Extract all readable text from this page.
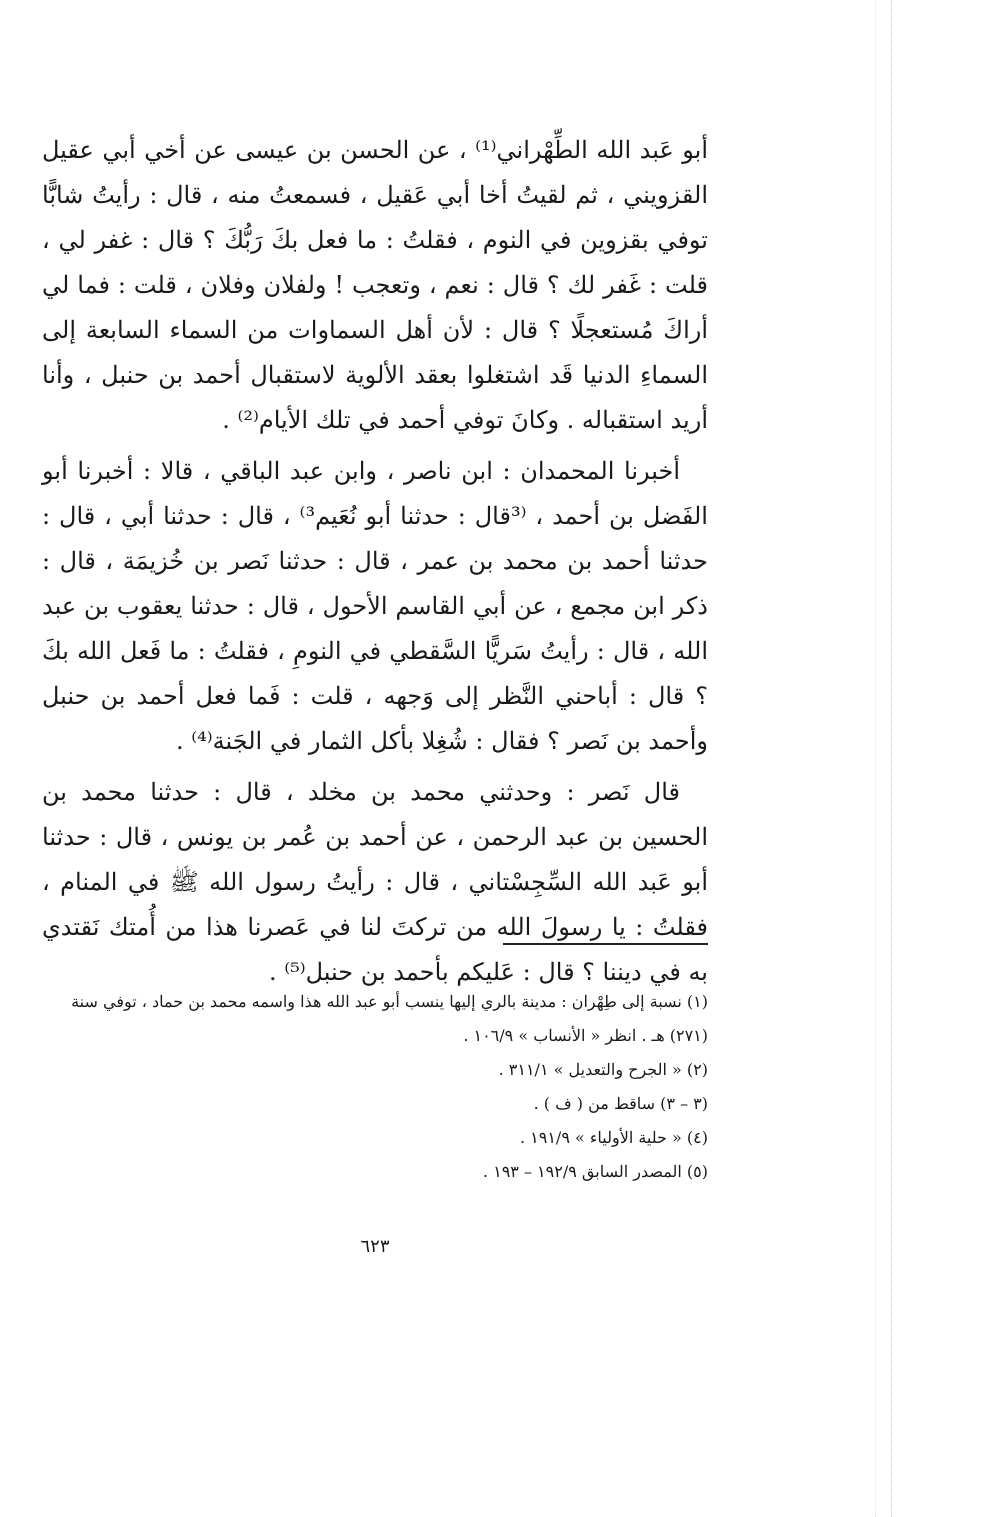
أبو عَبد الله الطِّهْراني⁽¹⁾ ، عن الحسن بن عيسى عن أخي أبي عقيل القزويني ، ثم لقيتُ أخا أبي عَقيل ، فسمعتُ منه ، قال : رأيتُ شابًّا توفي بقزوين في النوم ، فقلتُ : ما فعل بكَ رَبُّكَ ؟ قال : غفر لي ، قلت : غَفر لك ؟ قال : نعم ، وتعجب ! ولفلان وفلان ، قلت : فما لي أراكَ مُستعجلًا ؟ قال : لأن أهل السماوات من السماء السابعة إلى السماءِ الدنيا قَد اشتغلوا بعقد الألوية لاستقبال أحمد بن حنبل ، وأنا أريد استقباله . وكانَ توفي أحمد في تلك الأيام⁽²⁾ .

أخبرنا المحمدان : ابن ناصر ، وابن عبد الباقي ، قالا : أخبرنا أبو الفَضل بن أحمد ، ⁽³قال : حدثنا أبو نُعَيم³⁾ ، قال : حدثنا أبي ، قال : حدثنا أحمد بن محمد بن عمر ، قال : حدثنا نَصر بن خُزيمَة ، قال : ذكر ابن مجمع ، عن أبي القاسم الأحول ، قال : حدثنا يعقوب بن عبد الله ، قال : رأيتُ سَريًّا السَّقطي في النومِ ، فقلتُ : ما فَعل الله بكَ ؟ قال : أباحني النَّظر إلى وَجهه ، قلت : فَما فعل أحمد بن حنبل وأحمد بن نَصر ؟ فقال : شُغِلا بأكل الثمار في الجَنة⁽⁴⁾ .

قال نَصر : وحدثني محمد بن مخلد ، قال : حدثنا محمد بن الحسين بن عبد الرحمن ، عن أحمد بن عُمر بن يونس ، قال : حدثنا أبو عَبد الله السِّجِسْتاني ، قال : رأيتُ رسول الله ﷺ في المنام ، فقلتُ : يا رسولَ الله من تركتَ لنا في عَصرنا هذا من أُمتك نَقتدي به في ديننا ؟ قال : عَليكم بأحمد بن حنبل⁽⁵⁾ .

(١) نسبة إلى طِهْران : مدينة بالري إليها ينسب أبو عبد الله هذا واسمه محمد بن حماد ، توفي سنة (٢٧١) هـ . انظر « الأنساب » ١٠٦/٩ .

(٢) « الجرح والتعديل » ٣١١/١ .

(٣ – ٣) ساقط من ( ف ) .

(٤) « حلية الأولياء » ١٩١/٩ .

(٥) المصدر السابق ١٩٢/٩ – ١٩٣ .

٦٢٣
